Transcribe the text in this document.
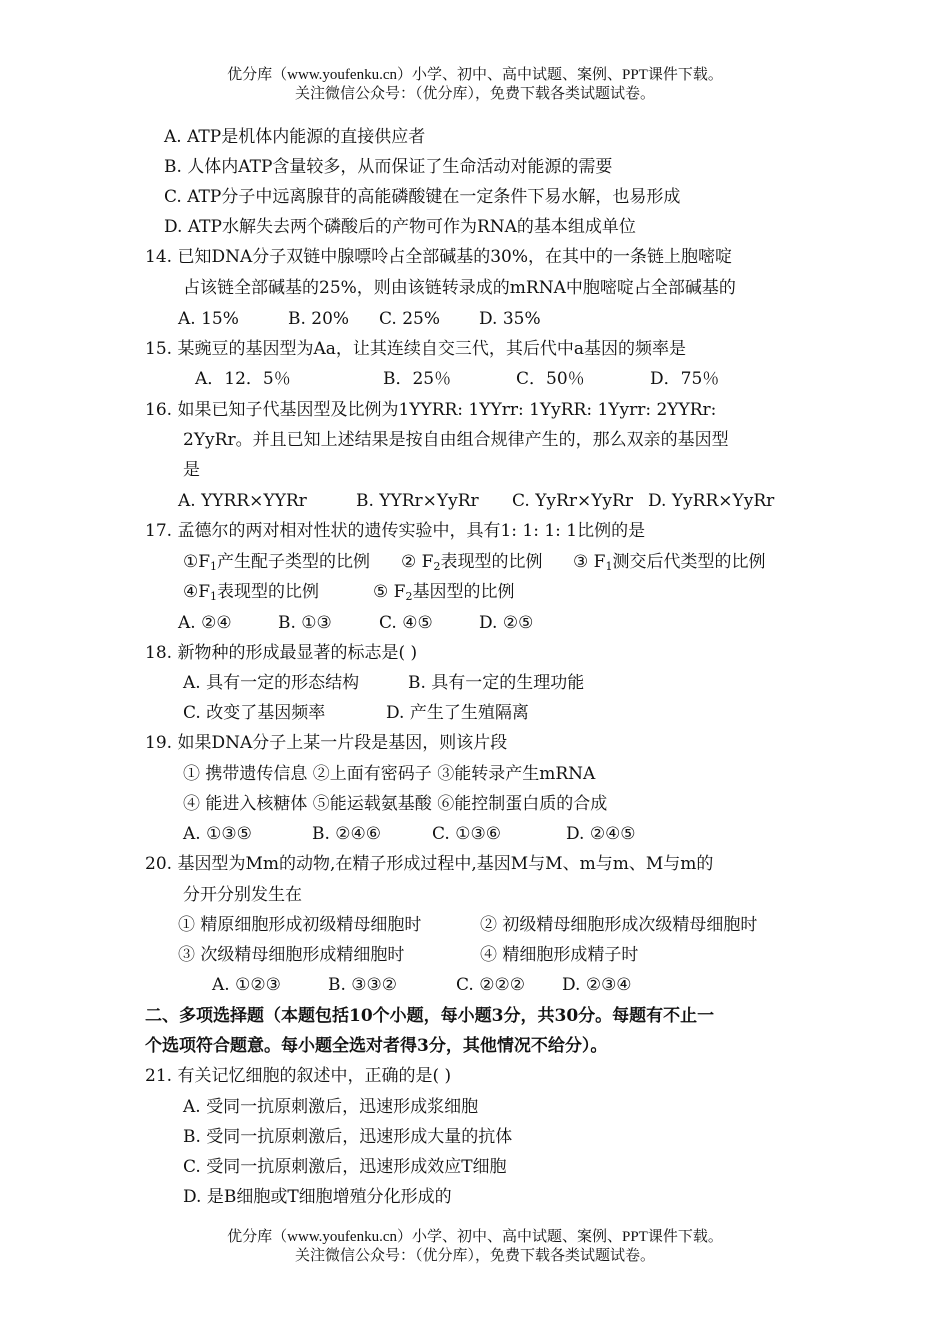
优分库（www.youfenku.cn）小学、初中、高中试题、案例、PPT课件下载。
关注微信公众号：（优分库），免费下载各类试题试卷。
A. ATP是机体内能源的直接供应者
B. 人体内ATP含量较多，从而保证了生命活动对能源的需要
C. ATP分子中远离腺苷的高能磷酸键在一定条件下易水解，也易形成
D. ATP水解失去两个磷酸后的产物可作为RNA的基本组成单位
14. 已知DNA分子双链中腺嘌呤占全部碱基的30%，在其中的一条链上胞嘧啶
占该链全部碱基的25%，则由该链转录成的mRNA中胞嘧啶占全部碱基的
A. 15%	B. 20% C. 25% D. 35%
15. 某豌豆的基因型为Aa，让其连续自交三代，其后代中a基因的频率是
A．12．5％	B．25％	C．50％	D．75％
16. 如果已知子代基因型及比例为1YYRR: 1YYrr: 1YyRR: 1Yyrr: 2YYRr:
2YyRr。并且已知上述结果是按自由组合规律产生的，那么双亲的基因型
是
A. YYRR×YYRr	B. YYRr×YyRr C. YyRr×YyRr D. YyRR×YyRr
17. 孟德尔的两对相对性状的遗传实验中，具有1: 1: 1: 1比例的是
$①F_1$产生配子类型的比例 ② $F_2$表现型的比例 ③ $F_1$测交后代类型的比例
$④F_1$表现型的比例	⑤ $F_2$基因型的比例
A. ②④	B. ①③	C. ④⑤	D. ②⑤
18. 新物种的形成最显著的标志是( )
A. 具有一定的形态结构	B. 具有一定的生理功能
C. 改变了基因频率	D. 产生了生殖隔离
19. 如果DNA分子上某一片段是基因，则该片段
① 携带遗传信息 ②上面有密码子 ③能转录产生mRNA
④ 能进入核糖体 ⑤能运载氨基酸 ⑥能控制蛋白质的合成
A. ①③⑤	B. ②④⑥	C. ①③⑥	D. ②④⑤
20. 基因型为Mm的动物,在精子形成过程中,基因M与M、m与m、M与m的
分开分别发生在
① 精原细胞形成初级精母细胞时	② 初级精母细胞形成次级精母细胞时
③ 次级精母细胞形成精细胞时	④ 精细胞形成精子时
A. ①②③	B. ③③②	C. ②②② D. ②③④
二、多项选择题（本题包括10个小题，每小题3分，共30分。每题有不止一
个选项符合题意。每小题全选对者得3分，其他情况不给分）。
21. 有关记忆细胞的叙述中，正确的是( )
A. 受同一抗原刺激后，迅速形成浆细胞
B. 受同一抗原刺激后，迅速形成大量的抗体
C. 受同一抗原刺激后，迅速形成效应T细胞
D. 是B细胞或T细胞增殖分化形成的
优分库（www.youfenku.cn）小学、初中、高中试题、案例、PPT课件下载。
关注微信公众号：（优分库），免费下载各类试题试卷。
